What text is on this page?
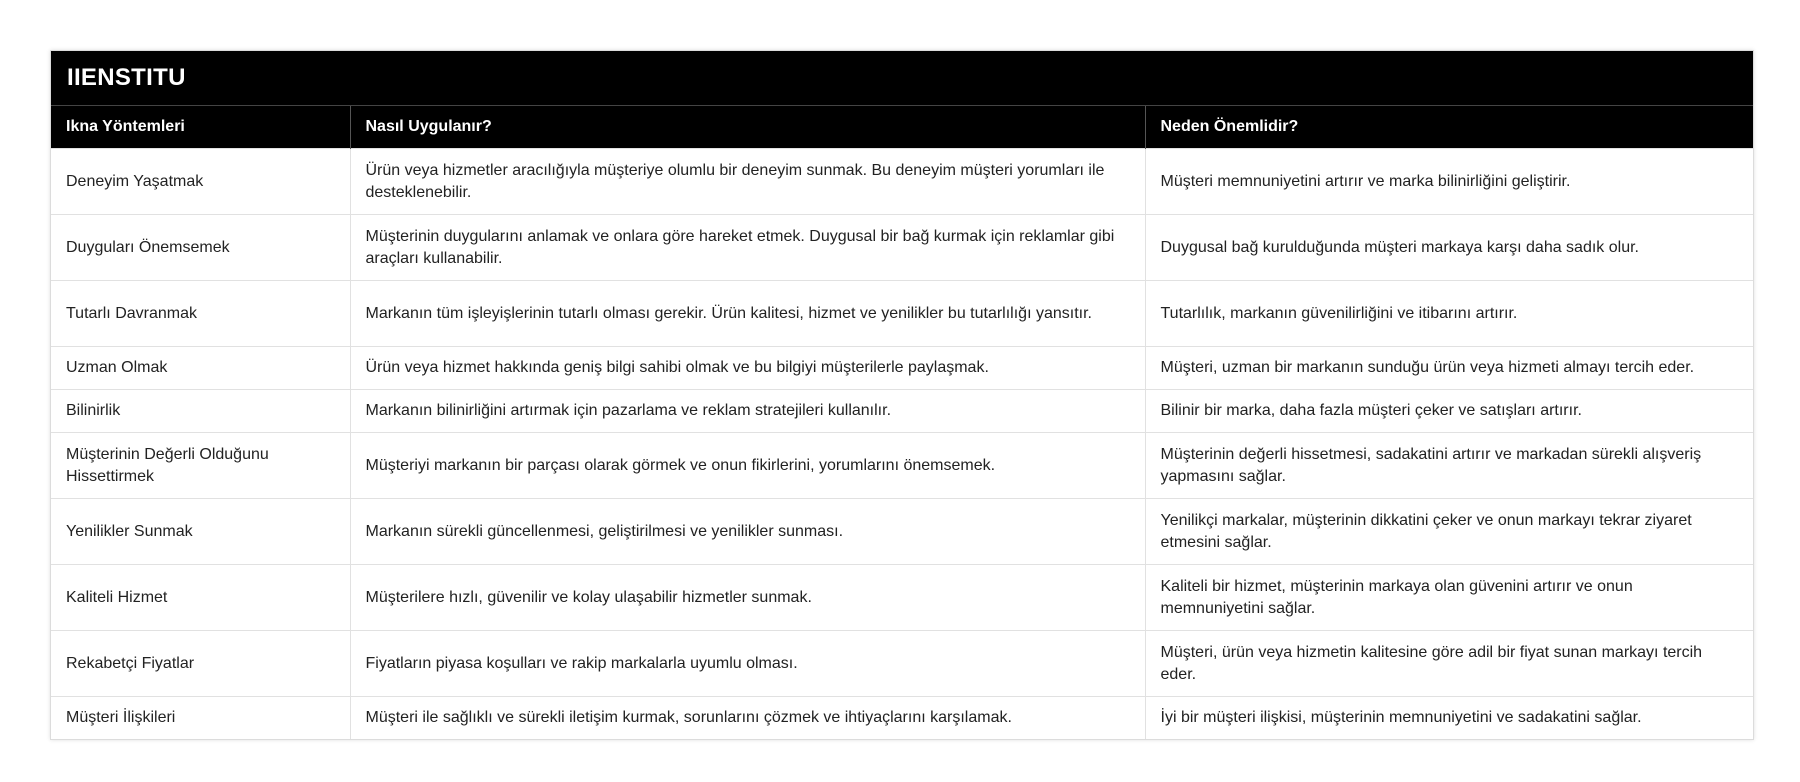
IIENSTITU
Ikna Yöntemleri	Nasıl Uygulanır?	Neden Önemlidir?
Deneyim Yaşatmak	Ürün veya hizmetler aracılığıyla müşteriye olumlu bir deneyim sunmak. Bu deneyim müşteri yorumları ile desteklenebilir.	Müşteri memnuniyetini artırır ve marka bilinirliğini geliştirir.
Duyguları Önemsemek	Müşterinin duygularını anlamak ve onlara göre hareket etmek. Duygusal bir bağ kurmak için reklamlar gibi araçları kullanabilir.	Duygusal bağ kurulduğunda müşteri markaya karşı daha sadık olur.
Tutarlı Davranmak	Markanın tüm işleyişlerinin tutarlı olması gerekir. Ürün kalitesi, hizmet ve yenilikler bu tutarlılığı yansıtır.	Tutarlılık, markanın güvenilirliğini ve itibarını artırır.
Uzman Olmak	Ürün veya hizmet hakkında geniş bilgi sahibi olmak ve bu bilgiyi müşterilerle paylaşmak.	Müşteri, uzman bir markanın sunduğu ürün veya hizmeti almayı tercih eder.
Bilinirlik	Markanın bilinirliğini artırmak için pazarlama ve reklam stratejileri kullanılır.	Bilinir bir marka, daha fazla müşteri çeker ve satışları artırır.
Müşterinin Değerli Olduğunu Hissettirmek	Müşteriyi markanın bir parçası olarak görmek ve onun fikirlerini, yorumlarını önemsemek.	Müşterinin değerli hissetmesi, sadakatini artırır ve markadan sürekli alışveriş yapmasını sağlar.
Yenilikler Sunmak	Markanın sürekli güncellenmesi, geliştirilmesi ve yenilikler sunması.	Yenilikçi markalar, müşterinin dikkatini çeker ve onun markayı tekrar ziyaret etmesini sağlar.
Kaliteli Hizmet	Müşterilere hızlı, güvenilir ve kolay ulaşabilir hizmetler sunmak.	Kaliteli bir hizmet, müşterinin markaya olan güvenini artırır ve onun memnuniyetini sağlar.
Rekabetçi Fiyatlar	Fiyatların piyasa koşulları ve rakip markalarla uyumlu olması.	Müşteri, ürün veya hizmetin kalitesine göre adil bir fiyat sunan markayı tercih eder.
Müşteri İlişkileri	Müşteri ile sağlıklı ve sürekli iletişim kurmak, sorunlarını çözmek ve ihtiyaçlarını karşılamak.	İyi bir müşteri ilişkisi, müşterinin memnuniyetini ve sadakatini sağlar.
